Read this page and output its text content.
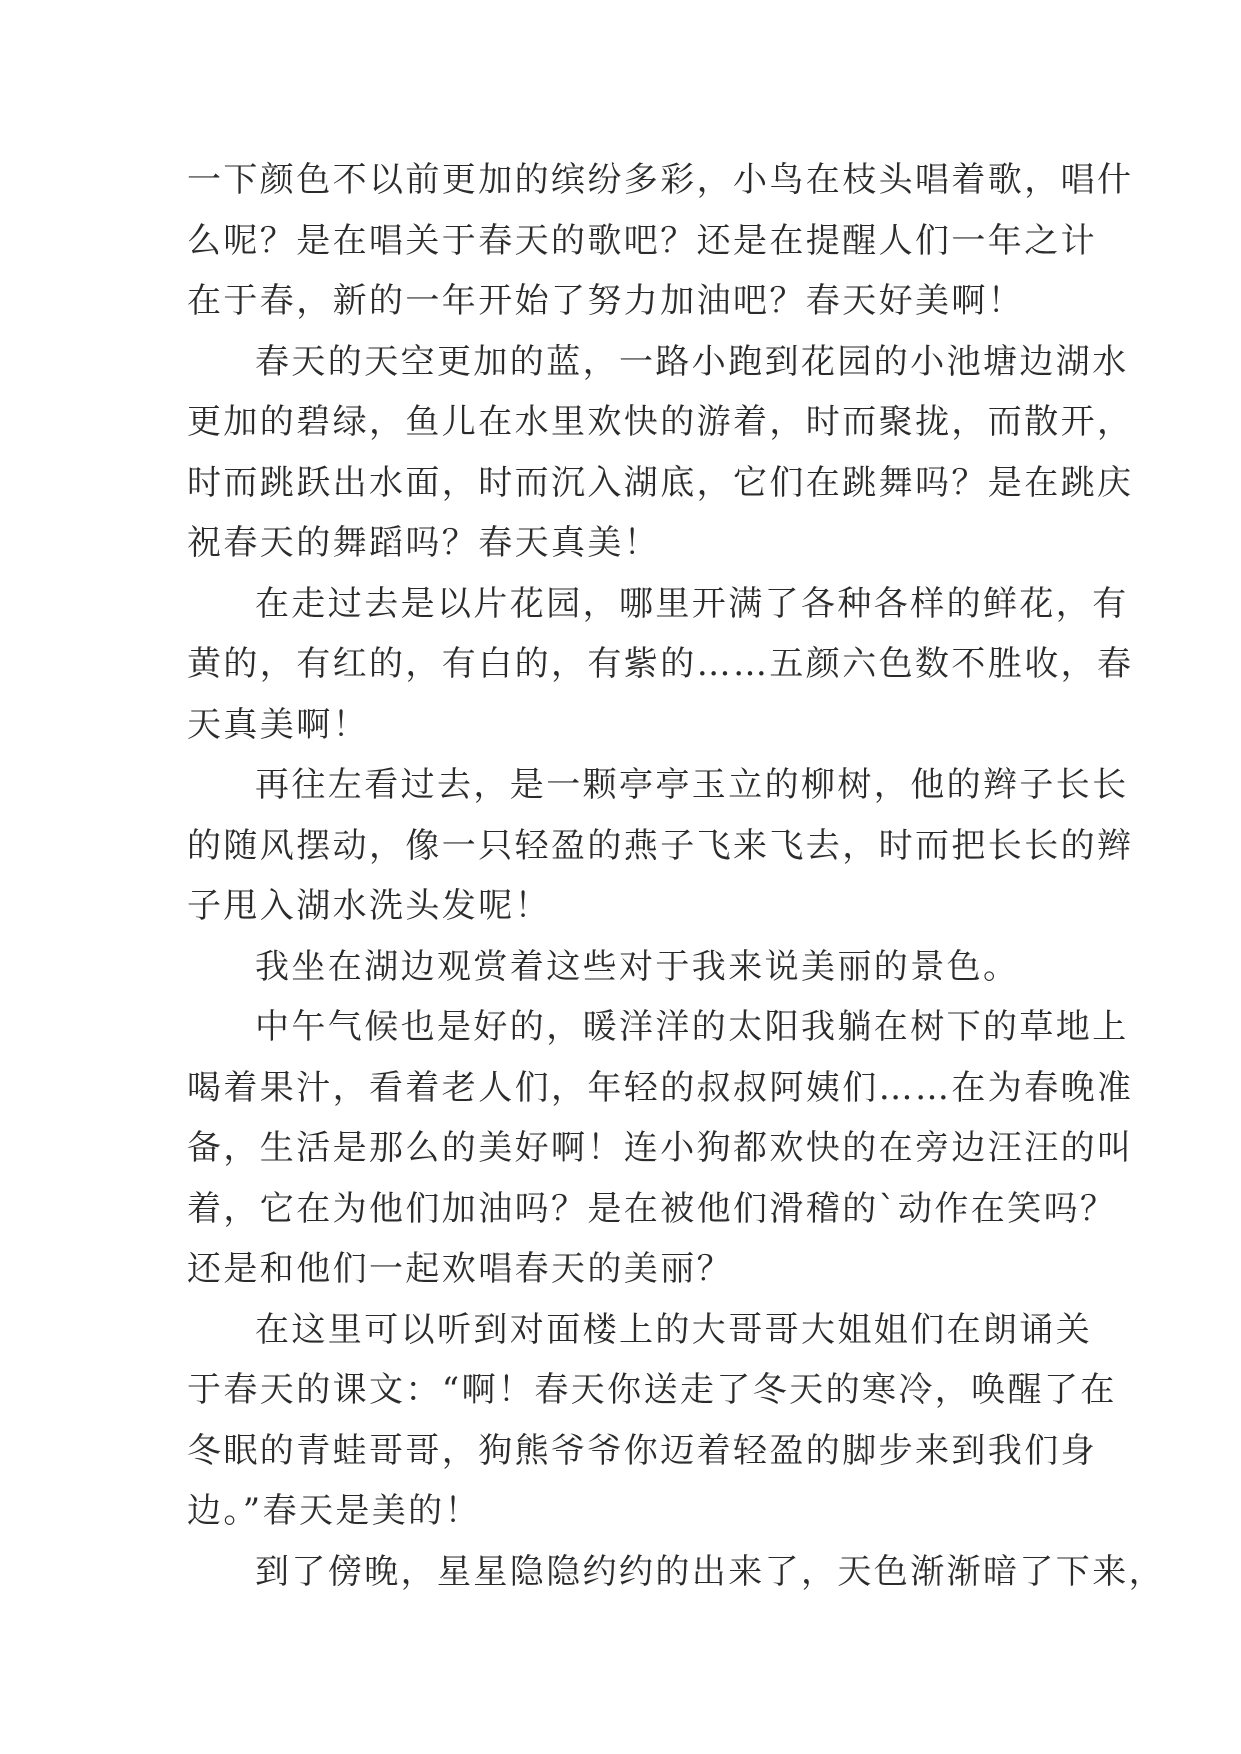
一下颜色不以前更加的缤纷多彩，小鸟在枝头唱着歌，唱什
么呢？是在唱关于春天的歌吧？还是在提醒人们一年之计
在于春，新的一年开始了努力加油吧？春天好美啊！
春天的天空更加的蓝，一路小跑到花园的小池塘边湖水
更加的碧绿，鱼儿在水里欢快的游着，时而聚拢，而散开，
时而跳跃出水面，时而沉入湖底，它们在跳舞吗？是在跳庆
祝春天的舞蹈吗？春天真美！
在走过去是以片花园，哪里开满了各种各样的鲜花，有
黄的，有红的，有白的，有紫的……五颜六色数不胜收，春
天真美啊！
再往左看过去，是一颗亭亭玉立的柳树，他的辫子长长
的随风摆动，像一只轻盈的燕子飞来飞去，时而把长长的辫
子甩入湖水洗头发呢！
我坐在湖边观赏着这些对于我来说美丽的景色。
中午气候也是好的，暖洋洋的太阳我躺在树下的草地上
喝着果汁，看着老人们，年轻的叔叔阿姨们……在为春晚准
备，生活是那么的美好啊！连小狗都欢快的在旁边汪汪的叫
着，它在为他们加油吗？是在被他们滑稽的`动作在笑吗？
还是和他们一起欢唱春天的美丽？
在这里可以听到对面楼上的大哥哥大姐姐们在朗诵关
于春天的课文：“啊！春天你送走了冬天的寒冷，唤醒了在
冬眠的青蛙哥哥，狗熊爷爷你迈着轻盈的脚步来到我们身
边。”春天是美的！
到了傍晚，星星隐隐约约的出来了，天色渐渐暗了下来，
